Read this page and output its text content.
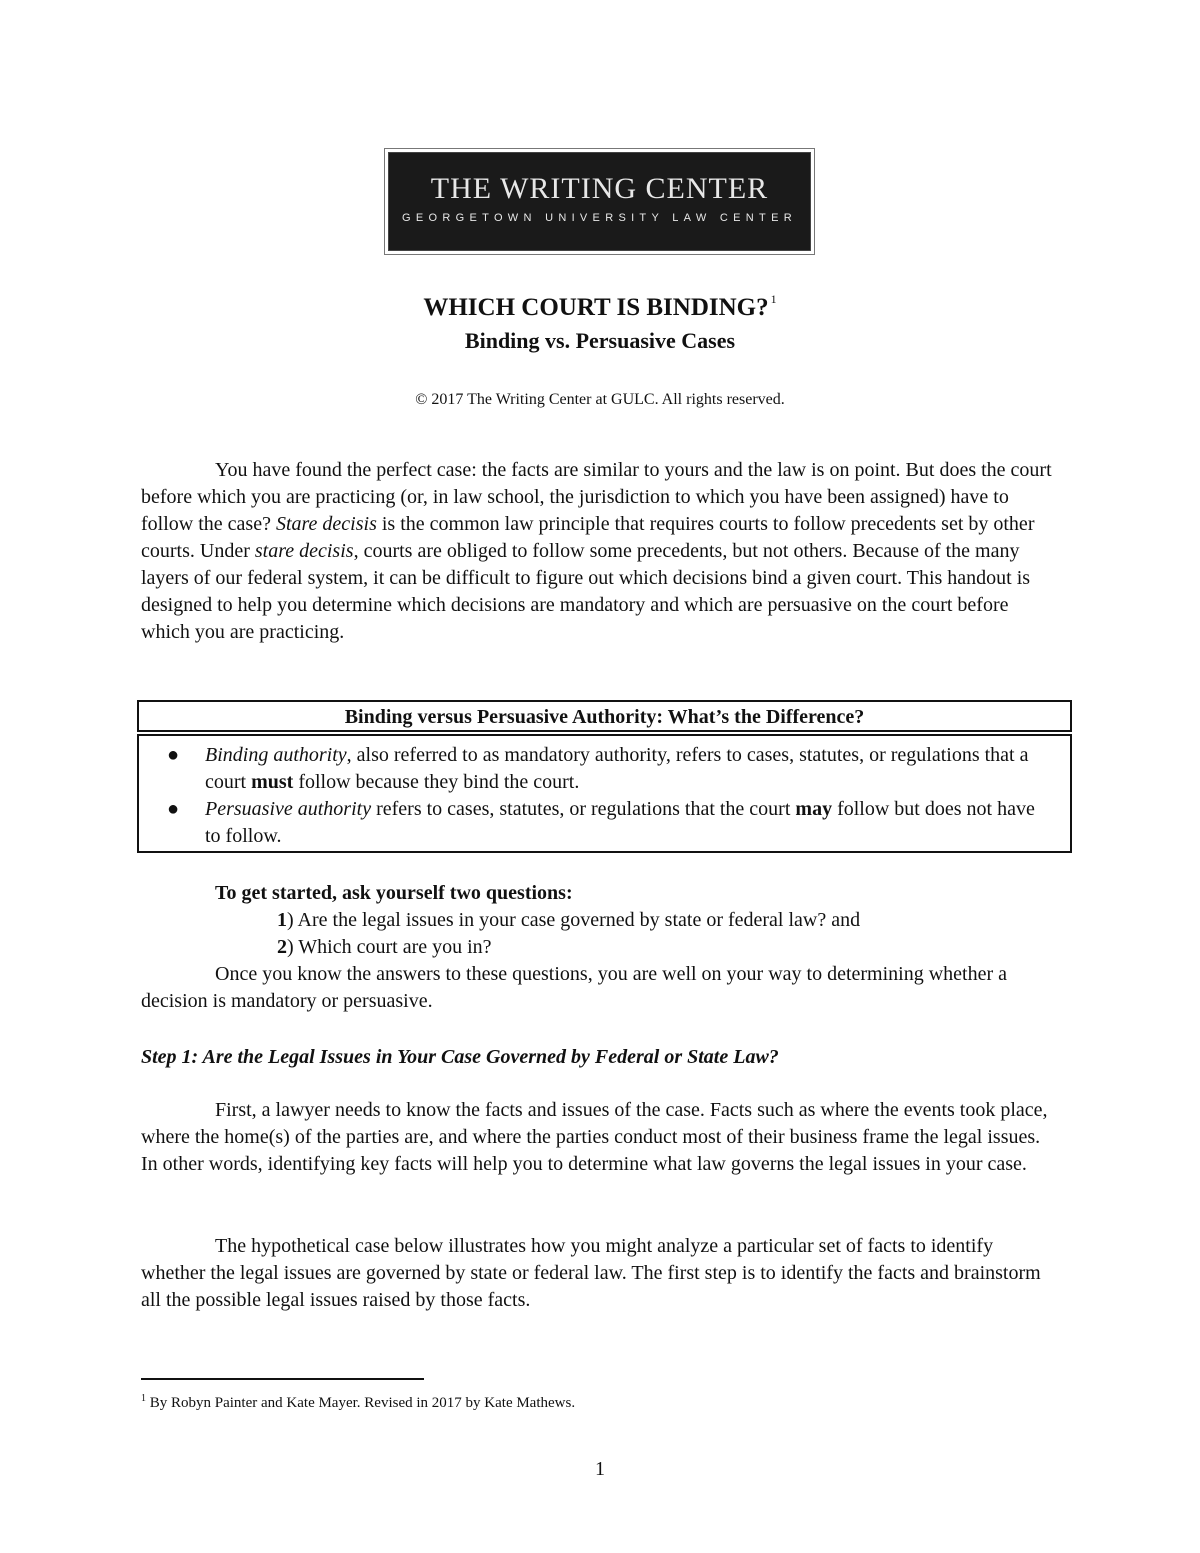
THE WRITING CENTER
GEORGETOWN UNIVERSITY LAW CENTER
WHICH COURT IS BINDING? $^1$
Binding vs. Persuasive Cases
© 2017 The Writing Center at GULC. All rights reserved.
You have found the perfect case: the facts are similar to yours and the law is on point. But does the court before which you are practicing (or, in law school, the jurisdiction to which you have been assigned) have to follow the case? Stare decisis is the common law principle that requires courts to follow precedents set by other courts. Under stare decisis, courts are obliged to follow some precedents, but not others. Because of the many layers of our federal system, it can be difficult to figure out which decisions bind a given court. This handout is designed to help you determine which decisions are mandatory and which are persuasive on the court before which you are practicing.
Binding versus Persuasive Authority: What’s the Difference?
● Binding authority, also referred to as mandatory authority, refers to cases, statutes, or regulations that a court must follow because they bind the court.
● Persuasive authority refers to cases, statutes, or regulations that the court may follow but does not have to follow.
To get started, ask yourself two questions:
1) Are the legal issues in your case governed by state or federal law? and
2) Which court are you in?
Once you know the answers to these questions, you are well on your way to determining whether a decision is mandatory or persuasive.
Step 1: Are the Legal Issues in Your Case Governed by Federal or State Law?
First, a lawyer needs to know the facts and issues of the case. Facts such as where the events took place, where the home(s) of the parties are, and where the parties conduct most of their business frame the legal issues. In other words, identifying key facts will help you to determine what law governs the legal issues in your case.
The hypothetical case below illustrates how you might analyze a particular set of facts to identify whether the legal issues are governed by state or federal law. The first step is to identify the facts and brainstorm all the possible legal issues raised by those facts.
$^1$ By Robyn Painter and Kate Mayer. Revised in 2017 by Kate Mathews.
1
